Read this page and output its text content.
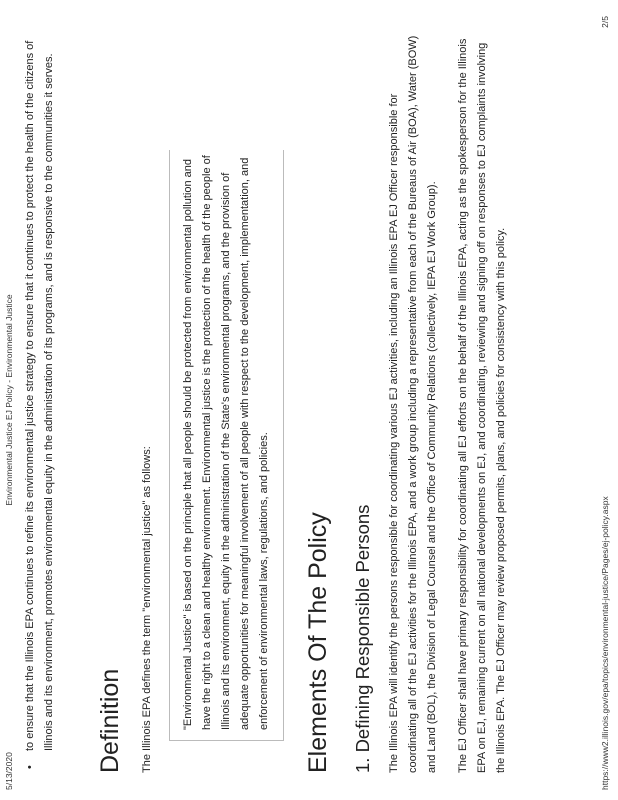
5/13/2020
Environmental Justice EJ Policy - Environmental Justice
•
to ensure that the Illinois EPA continues to refine its environmental justice strategy to ensure that it continues to protect the health of the citizens of Illinois and its environment, promotes environmental equity in the administration of its programs, and is responsive to the communities it serves. Definition The Illinois EPA defines the term "environmental justice" as follows:	"Environmental Justice" is based on the principle that all people should be protected from environmental pollution and have the right to a clean and healthy environment. Environmental justice is the protection of the health of the people of Illinois and its environment, equity in the administration of the State's environmental programs, and the provision of adequate opportunities for meaningful involvement of all people with respect to the development, implementation, and enforcement of environmental laws, regulations, and policies.	Elements Of The Policy 1. Defining Responsible Persons The Illinois EPA will identify the persons responsible for coordinating various EJ activities, including an Illinois EPA EJ Officer responsible for coordinating all of the EJ activities for the Illinois EPA, and a work group including a representative from each of the Bureaus of Air (BOA), Water (BOW) and Land (BOL), the Division of Legal Counsel and the Office of Community Relations (collectively, IEPA EJ Work Group).	The EJ Officer shall have primary responsibility for coordinating all EJ efforts on the behalf of the Illinois EPA, acting as the spokesperson for the Illinois EPA on EJ, remaining current on all national developments on EJ, and coordinating, reviewing and signing off on responses to EJ complaints involving the Illinois EPA. The EJ Officer may review proposed permits, plans, and policies for consistency with this policy.	https://www2.illinois.gov/epa/topics/environmental-justice/Pages/ej-policy.aspx
2/5
